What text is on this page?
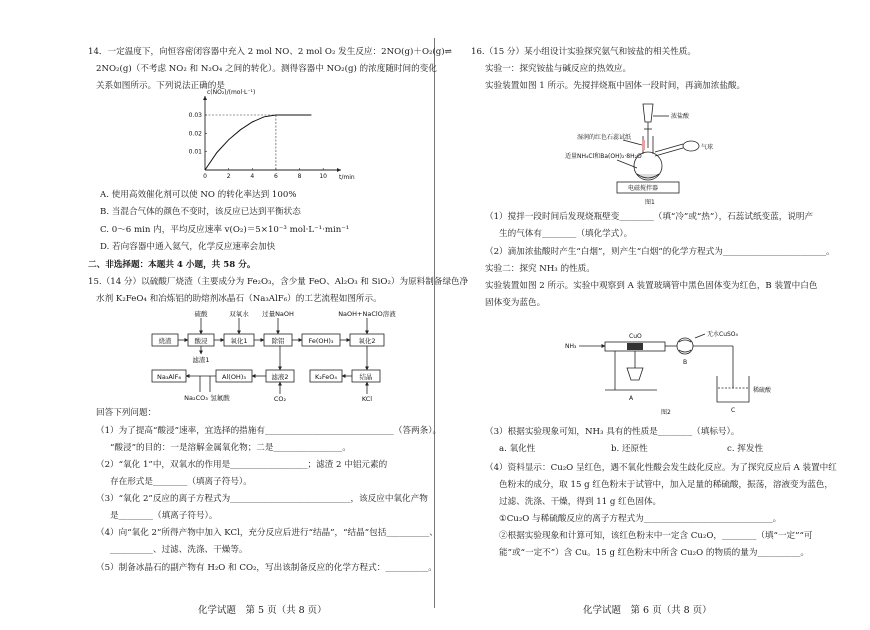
14．一定温度下，向恒容密闭容器中充入 2 mol NO、2 mol O₂ 发生反应：2NO(g)＋O₂(g)⇌
2NO₂(g)（不考虑 NO₂ 和 N₂O₄ 之间的转化）。测得容器中 NO₂(g) 的浓度随时间的变化
关系如图所示。下列说法正确的是
c(NO₂)/(mol·L⁻¹)
t/min
0	2	4	6	8	10
0.01
0.02
0.03
A. 使用高效催化剂可以使 NO 的转化率达到 100%
B. 当混合气体的颜色不变时，该反应已达到平衡状态
C. 0～6 min 内，平均反应速率 v(O₂)＝5×10⁻³ mol·L⁻¹·min⁻¹
D. 若向容器中通入氦气，化学反应速率会加快
二、非选择题：本题共 4 小题，共 58 分。
15.（14 分）以硫酸厂烧渣（主要成分为 Fe₂O₃，含少量 FeO、Al₂O₃ 和 SiO₂）为原料制备绿色净
水剂 K₂FeO₄ 和冶炼铝的助熔剂冰晶石（Na₃AlF₆）的工艺流程如图所示。
硫酸	双氧水 过量NaOH	NaOH+NaClO溶液
烧渣	酸浸	氧化1	除铝	Fe(OH)₃	氧化2
滤渣1
Na₃AlF₆	Al(OH)₃	滤液2	K₂FeO₄	结晶
Na₂CO₃ 氢氟酸	CO₂	KCl
回答下列问题：
（1）为了提高“酸浸”速率，宜选择的措施有______________________________（答两条）。
“酸浸”的目的：一是溶解金属氧化物；二是________________。
（2）“氧化 1”中，双氧水的作用是__________________；滤渣 2 中铝元素的
存在形式是________（填离子符号）。
（3）“氧化 2”反应的离子方程式为____________________________，该反应中氧化产物
是________（填离子符号）。
（4）向“氧化 2”所得产物中加入 KCl，充分反应后进行“结晶”，“结晶”包括__________、
__________、过滤、洗涤、干燥等。
（5）制备冰晶石的副产物有 H₂O 和 CO₂，写出该制备反应的化学方程式：__________。
化学试题　第 5 页（共 8 页）
16.（15 分）某小组设计实验探究氨气和铵盐的相关性质。
实验一：探究铵盐与碱反应的热效应。
实验装置如图 1 所示。先搅拌烧瓶中固体一段时间，再滴加浓盐酸。
浓盐酸
湿润的红色石蕊试纸
适量NH₄Cl和Ba(OH)₂·8H₂O
电磁搅拌器
气球
图1
（1）搅拌一段时间后发现烧瓶壁变________（填“冷”或“热”），石蕊试纸变蓝，说明产
生的气体有________（填化学式）。
（2）滴加浓盐酸时产生“白烟”，则产生“白烟”的化学方程式为________________________。
实验二：探究 NH₃ 的性质。
实验装置如图 2 所示。实验中观察到 A 装置玻璃管中黑色固体变为红色，B 装置中白色
固体变为蓝色。
NH₃
CuO	无水CuSO₄
B
稀硫酸
A
C
图2
（3）根据实验现象可知，NH₃ 具有的性质是________（填标号）。
a. 氧化性	b. 还原性	c. 挥发性
（4）资料显示：Cu₂O 呈红色，遇不氧化性酸会发生歧化反应。为了探究反应后 A 装置中红
色粉末的成分，取 15 g 红色粉末于试管中，加入足量的稀硫酸，振荡，溶液变为蓝色，
过滤、洗涤、干燥，得到 11 g 红色固体。
①Cu₂O 与稀硫酸反应的离子方程式为______________________________。
②根据实验现象和计算可知，该红色粉末中一定含 Cu₂O，________（填“一定”“可
能”或“一定不”）含 Cu。15 g 红色粉末中所含 Cu₂O 的物质的量为__________。
化学试题　第 6 页（共 8 页）
